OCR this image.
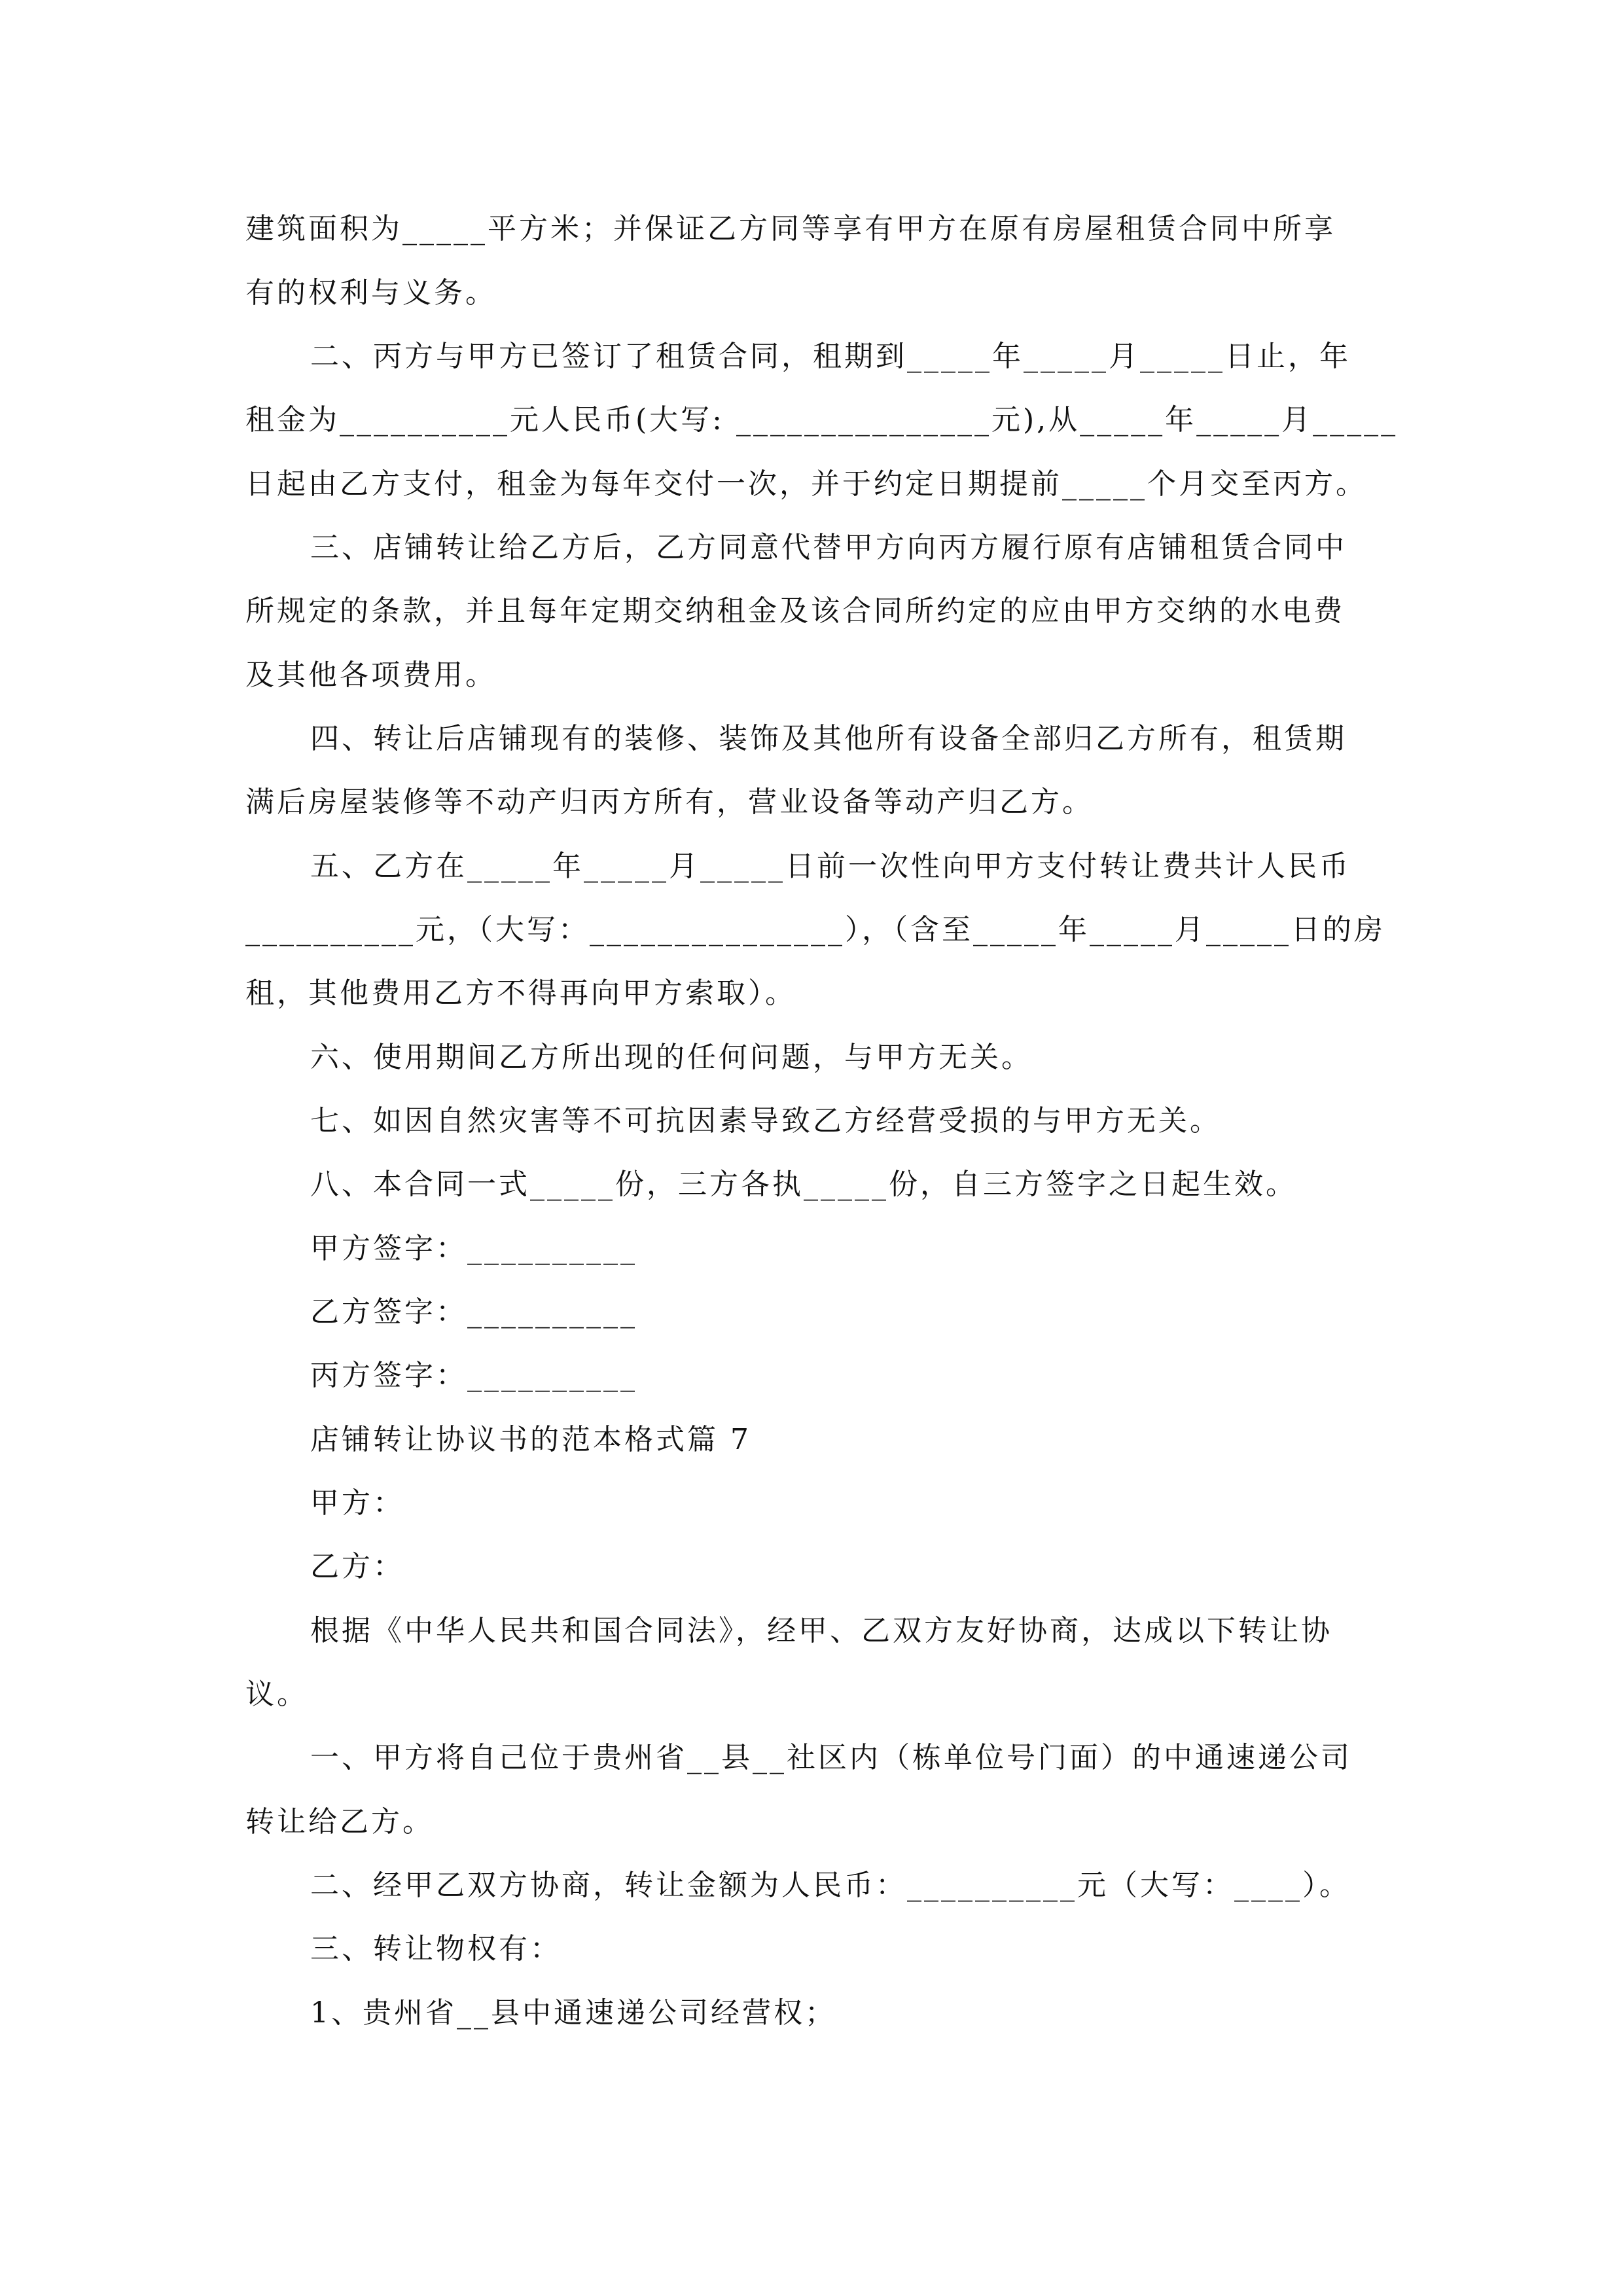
建筑面积为_____平方米；并保证乙方同等享有甲方在原有房屋租赁合同中所享
有的权利与义务。
二、丙方与甲方已签订了租赁合同，租期到_____年_____月_____日止，年
租金为__________元人民币(大写: _______________元),从_____年_____月_____
日起由乙方支付，租金为每年交付一次，并于约定日期提前_____个月交至丙方。
三、店铺转让给乙方后，乙方同意代替甲方向丙方履行原有店铺租赁合同中
所规定的条款，并且每年定期交纳租金及该合同所约定的应由甲方交纳的水电费
及其他各项费用。
四、转让后店铺现有的装修、装饰及其他所有设备全部归乙方所有，租赁期
满后房屋装修等不动产归丙方所有，营业设备等动产归乙方。
五、乙方在_____年_____月_____日前一次性向甲方支付转让费共计人民币
__________元，（大写：_______________），（含至_____年_____月_____日的房
租，其他费用乙方不得再向甲方索取）。
六、使用期间乙方所出现的任何问题，与甲方无关。
七、如因自然灾害等不可抗因素导致乙方经营受损的与甲方无关。
八、本合同一式_____份，三方各执_____份，自三方签字之日起生效。
甲方签字：__________
乙方签字：__________
丙方签字：__________
店铺转让协议书的范本格式篇 7
甲方：
乙方：
根据《中华人民共和国合同法》，经甲、乙双方友好协商，达成以下转让协
议。
一、甲方将自己位于贵州省__县__社区内（栋单位号门面）的中通速递公司
转让给乙方。
二、经甲乙双方协商，转让金额为人民币：__________元（大写：____）。
三、转让物权有：
1、贵州省__县中通速递公司经营权；
